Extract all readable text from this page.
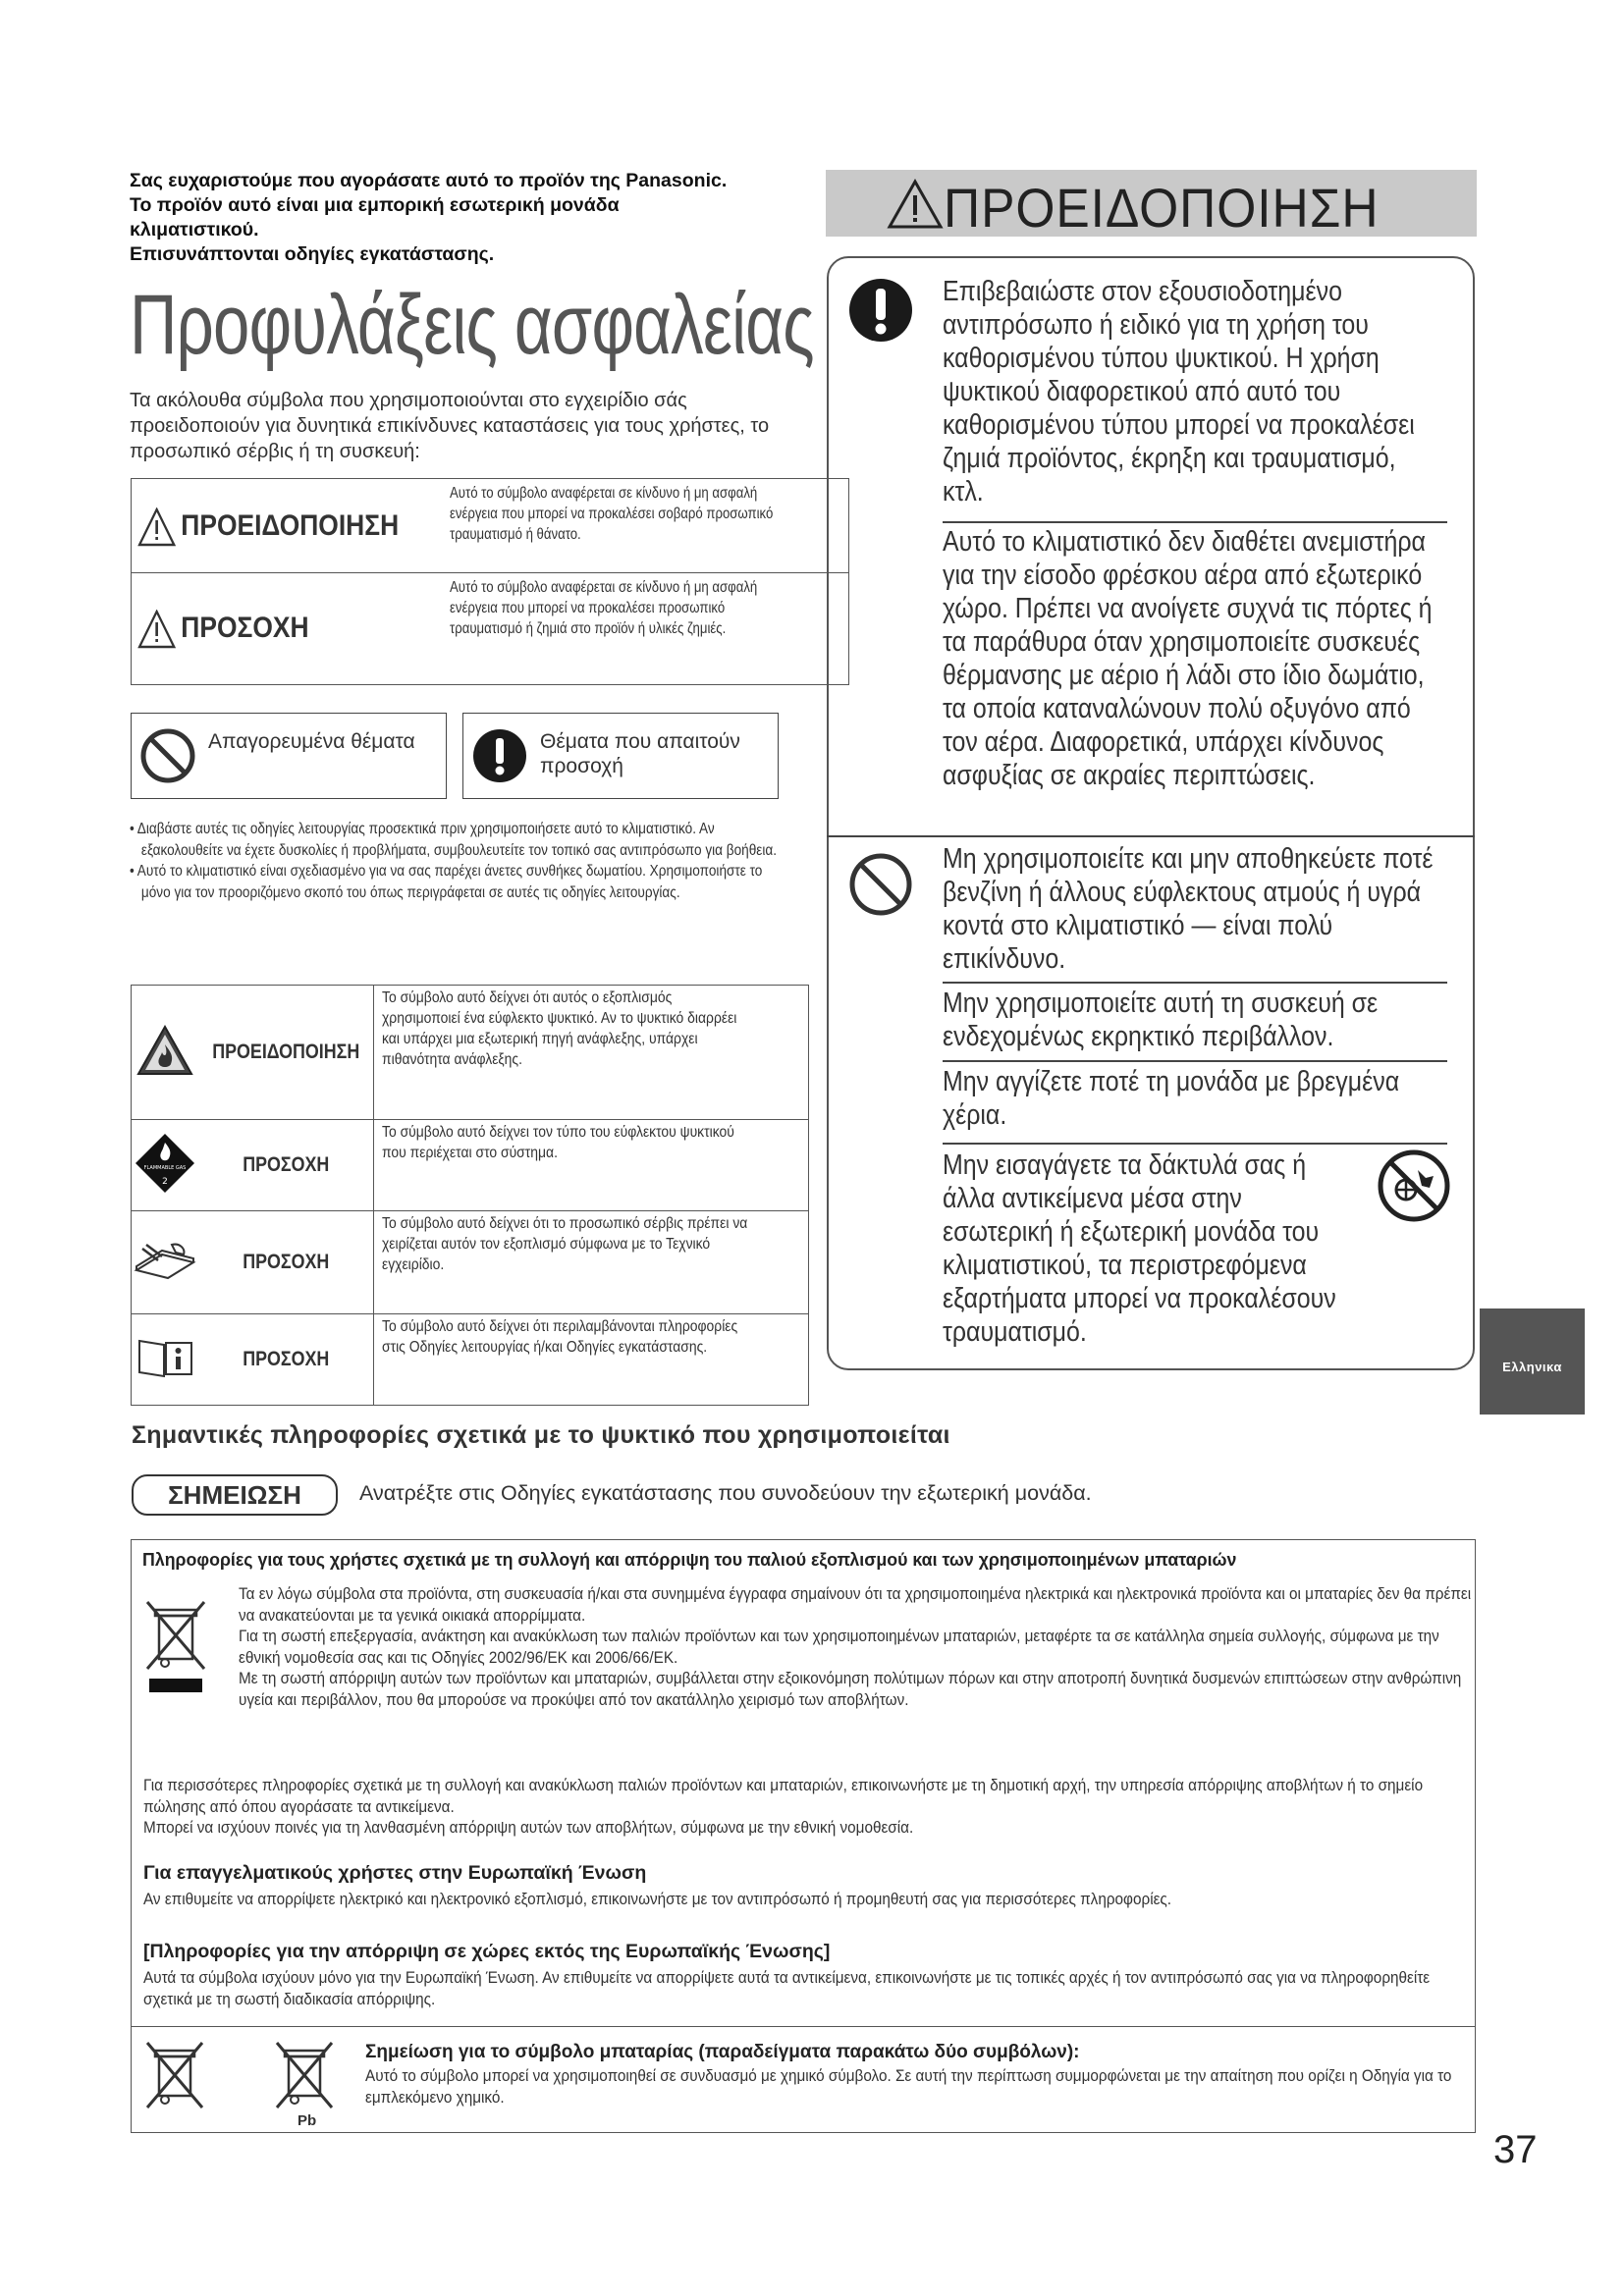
Σας ευχαριστούμε που αγοράσατε αυτό το προϊόν της Panasonic.
Το προϊόν αυτό είναι μια εμπορική εσωτερική μονάδα
κλιματιστικού.
Επισυνάπτονται οδηγίες εγκατάστασης.
Προφυλάξεις ασφαλείας
Τα ακόλουθα σύμβολα που χρησιμοποιούνται στο εγχειρίδιο σάς προειδοποιούν για δυνητικά επικίνδυνες καταστάσεις για τους χρήστες, το προσωπικό σέρβις ή τη συσκευή:
ΠΡΟΕΙΔΟΠΟΙΗΣΗ	Αυτό το σύμβολο αναφέρεται σε κίνδυνο ή μη ασφαλή ενέργεια που μπορεί να προκαλέσει σοβαρό προσωπικό τραυματισμό ή θάνατο.

ΠΡΟΣΟΧΗ	Αυτό το σύμβολο αναφέρεται σε κίνδυνο ή μη ασφαλή ενέργεια που μπορεί να προκαλέσει προσωπικό τραυματισμό ή ζημιά στο προϊόν ή υλικές ζημιές.
Απαγορευμένα θέματα	Θέματα που απαιτούν προσοχή
• Διαβάστε αυτές τις οδηγίες λειτουργίας προσεκτικά πριν χρησιμοποιήσετε αυτό το κλιματιστικό. Αν εξακολουθείτε να έχετε δυσκολίες ή προβλήματα, συμβουλευτείτε τον τοπικό σας αντιπρόσωπο για βοήθεια.
• Αυτό το κλιματιστικό είναι σχεδιασμένο για να σας παρέχει άνετες συνθήκες δωματίου. Χρησιμοποιήστε το μόνο για τον προοριζόμενο σκοπό του όπως περιγράφεται σε αυτές τις οδηγίες λειτουργίας.

ΠΡΟΕΙΔΟΠΟΙΗΣΗ	Το σύμβολο αυτό δείχνει ότι αυτός ο εξοπλισμός χρησιμοποιεί ένα εύφλεκτο ψυκτικό. Αν το ψυκτικό διαρρέει και υπάρχει μια εξωτερική πηγή ανάφλεξης, υπάρχει πιθανότητα ανάφλεξης.

FLAMMABLE GAS
2	ΠΡΟΣΟΧΗ	Το σύμβολο αυτό δείχνει τον τύπο του εύφλεκτου ψυκτικού που περιέχεται στο σύστημα.

ΠΡΟΣΟΧΗ	Το σύμβολο αυτό δείχνει ότι το προσωπικό σέρβις πρέπει να χειρίζεται αυτόν τον εξοπλισμό σύμφωνα με το Τεχνικό εγχειρίδιο.

ΠΡΟΣΟΧΗ	Το σύμβολο αυτό δείχνει ότι περιλαμβάνονται πληροφορίες στις Οδηγίες λειτουργίας ή/και Οδηγίες εγκατάστασης.
ΠΡΟΕΙΔΟΠΟΙΗΣΗ
Επιβεβαιώστε στον εξουσιοδοτημένο αντιπρόσωπο ή ειδικό για τη χρήση του καθορισμένου τύπου ψυκτικού. Η χρήση ψυκτικού διαφορετικού από αυτό του καθορισμένου τύπου μπορεί να προκαλέσει ζημιά προϊόντος, έκρηξη και τραυματισμό, κτλ.
Αυτό το κλιματιστικό δεν διαθέτει ανεμιστήρα για την είσοδο φρέσκου αέρα από εξωτερικό χώρο. Πρέπει να ανοίγετε συχνά τις πόρτες ή τα παράθυρα όταν χρησιμοποιείτε συσκευές θέρμανσης με αέριο ή λάδι στο ίδιο δωμάτιο, τα οποία καταναλώνουν πολύ οξυγόνο από τον αέρα. Διαφορετικά, υπάρχει κίνδυνος ασφυξίας σε ακραίες περιπτώσεις.
Μη χρησιμοποιείτε και μην αποθηκεύετε ποτέ βενζίνη ή άλλους εύφλεκτους ατμούς ή υγρά κοντά στο κλιματιστικό — είναι πολύ επικίνδυνο.
Μην χρησιμοποιείτε αυτή τη συσκευή σε ενδεχομένως εκρηκτικό περιβάλλον.
Μην αγγίζετε ποτέ τη μονάδα με βρεγμένα χέρια.
Μην εισαγάγετε τα δάκτυλά σας ή άλλα αντικείμενα μέσα στην εσωτερική ή εξωτερική μονάδα του κλιματιστικού, τα περιστρεφόμενα εξαρτήματα μπορεί να προκαλέσουν τραυματισμό.
Ελληνικα
Σημαντικές πληροφορίες σχετικά με το ψυκτικό που χρησιμοποιείται
ΣΗΜΕΙΩΣΗ	Ανατρέξτε στις Οδηγίες εγκατάστασης που συνοδεύουν την εξωτερική μονάδα.
Πληροφορίες για τους χρήστες σχετικά με τη συλλογή και απόρριψη του παλιού εξοπλισμού και των χρησιμοποιημένων μπαταριών
Τα εν λόγω σύμβολα στα προϊόντα, στη συσκευασία ή/και στα συνημμένα έγγραφα σημαίνουν ότι τα χρησιμοποιημένα ηλεκτρικά και ηλεκτρονικά προϊόντα και οι μπαταρίες δεν θα πρέπει να ανακατεύονται με τα γενικά οικιακά απορρίμματα.
Για τη σωστή επεξεργασία, ανάκτηση και ανακύκλωση των παλιών προϊόντων και των χρησιμοποιημένων μπαταριών, μεταφέρτε τα σε κατάλληλα σημεία συλλογής, σύμφωνα με την εθνική νομοθεσία σας και τις Οδηγίες 2002/96/ΕΚ και 2006/66/ΕΚ.
Με τη σωστή απόρριψη αυτών των προϊόντων και μπαταριών, συμβάλλεται στην εξοικονόμηση πολύτιμων πόρων και στην αποτροπή δυνητικά δυσμενών επιπτώσεων στην ανθρώπινη υγεία και περιβάλλον, που θα μπορούσε να προκύψει από τον ακατάλληλο χειρισμό των αποβλήτων.
Για περισσότερες πληροφορίες σχετικά με τη συλλογή και ανακύκλωση παλιών προϊόντων και μπαταριών, επικοινωνήστε με τη δημοτική αρχή, την υπηρεσία απόρριψης αποβλήτων ή το σημείο πώλησης από όπου αγοράσατε τα αντικείμενα.
Μπορεί να ισχύουν ποινές για τη λανθασμένη απόρριψη αυτών των αποβλήτων, σύμφωνα με την εθνική νομοθεσία.
Για επαγγελματικούς χρήστες στην Ευρωπαϊκή Ένωση
Αν επιθυμείτε να απορρίψετε ηλεκτρικό και ηλεκτρονικό εξοπλισμό, επικοινωνήστε με τον αντιπρόσωπό ή προμηθευτή σας για περισσότερες πληροφορίες.
[Πληροφορίες για την απόρριψη σε χώρες εκτός της Ευρωπαϊκής Ένωσης]
Αυτά τα σύμβολα ισχύουν μόνο για την Ευρωπαϊκή Ένωση. Αν επιθυμείτε να απορρίψετε αυτά τα αντικείμενα, επικοινωνήστε με τις τοπικές αρχές ή τον αντιπρόσωπό σας για να πληροφορηθείτε σχετικά με τη σωστή διαδικασία απόρριψης.
Pb
Σημείωση για το σύμβολο μπαταρίας (παραδείγματα παρακάτω δύο συμβόλων):
Αυτό το σύμβολο μπορεί να χρησιμοποιηθεί σε συνδυασμό με χημικό σύμβολο. Σε αυτή την περίπτωση συμμορφώνεται με την απαίτηση που ορίζει η Οδηγία για το εμπλεκόμενο χημικό.
37
